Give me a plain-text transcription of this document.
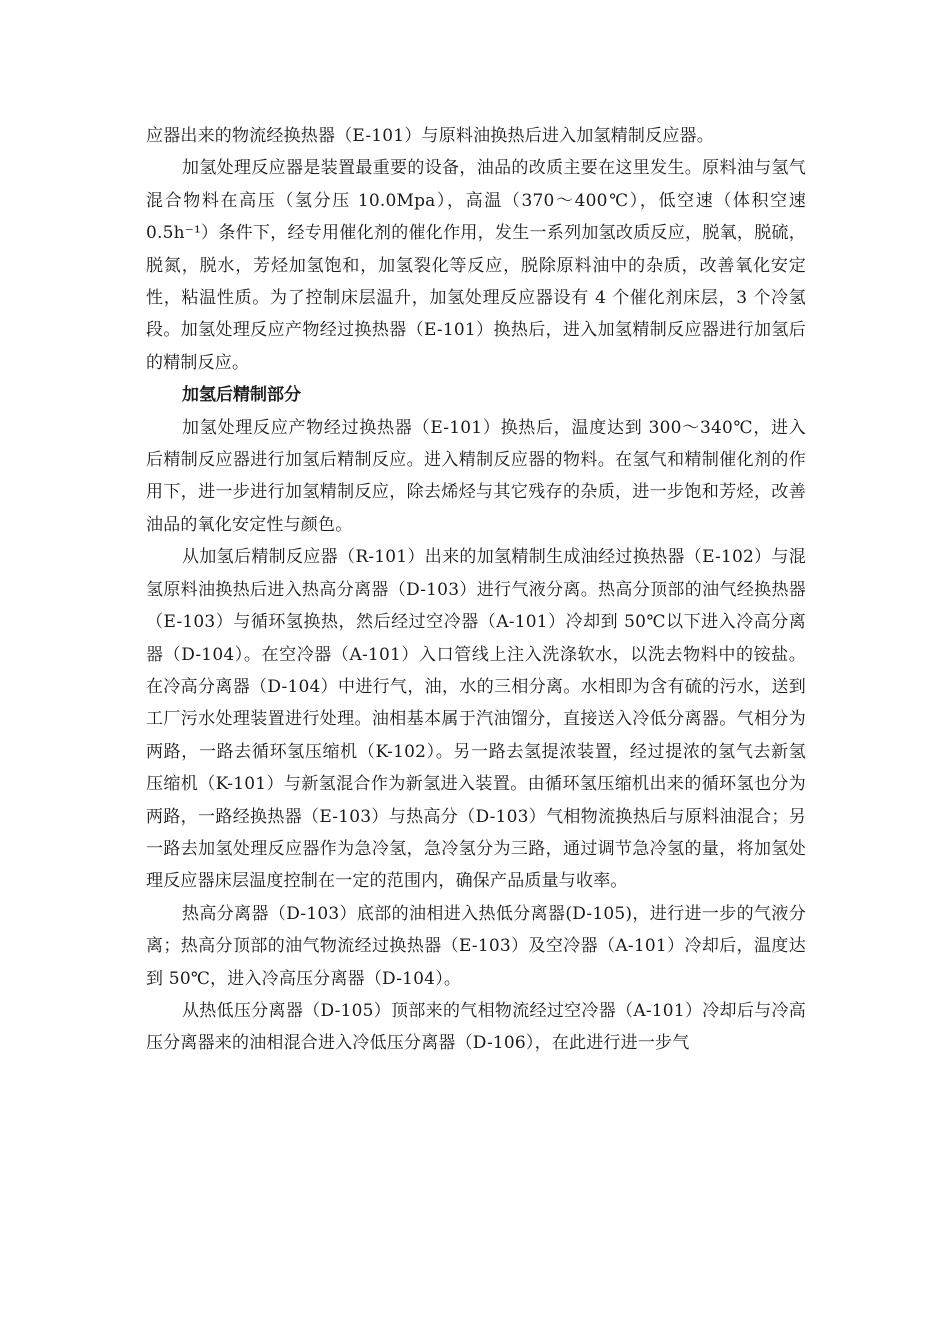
应器出来的物流经换热器（E-101）与原料油换热后进入加氢精制反应器。

加氢处理反应器是装置最重要的设备，油品的改质主要在这里发生。原料油与氢气混合物料在高压（氢分压 10.0Mpa），高温（370～400℃），低空速（体积空速 0.5h⁻¹）条件下，经专用催化剂的催化作用，发生一系列加氢改质反应，脱氧，脱硫，脱氮，脱水，芳烃加氢饱和，加氢裂化等反应，脱除原料油中的杂质，改善氧化安定性，粘温性质。为了控制床层温升，加氢处理反应器设有 4 个催化剂床层，3 个冷氢段。加氢处理反应产物经过换热器（E-101）换热后，进入加氢精制反应器进行加氢后的精制反应。

加氢后精制部分

加氢处理反应产物经过换热器（E-101）换热后，温度达到 300～340℃，进入后精制反应器进行加氢后精制反应。进入精制反应器的物料。在氢气和精制催化剂的作用下，进一步进行加氢精制反应，除去烯烃与其它残存的杂质，进一步饱和芳烃，改善油品的氧化安定性与颜色。

从加氢后精制反应器（R-101）出来的加氢精制生成油经过换热器（E-102）与混氢原料油换热后进入热高分离器（D-103）进行气液分离。热高分顶部的油气经换热器（E-103）与循环氢换热，然后经过空冷器（A-101）冷却到 50℃以下进入冷高分离器（D-104）。在空冷器（A-101）入口管线上注入洗涤软水，以洗去物料中的铵盐。在冷高分离器（D-104）中进行气，油，水的三相分离。水相即为含有硫的污水，送到工厂污水处理装置进行处理。油相基本属于汽油馏分，直接送入冷低分离器。气相分为两路，一路去循环氢压缩机（K-102）。另一路去氢提浓装置，经过提浓的氢气去新氢压缩机（K-101）与新氢混合作为新氢进入装置。由循环氢压缩机出来的循环氢也分为两路，一路经换热器（E-103）与热高分（D-103）气相物流换热后与原料油混合；另一路去加氢处理反应器作为急冷氢，急冷氢分为三路，通过调节急冷氢的量，将加氢处理反应器床层温度控制在一定的范围内，确保产品质量与收率。

热高分离器（D-103）底部的油相进入热低分离器(D-105)，进行进一步的气液分离；热高分顶部的油气物流经过换热器（E-103）及空冷器（A-101）冷却后，温度达到 50℃，进入冷高压分离器（D-104）。

从热低压分离器（D-105）顶部来的气相物流经过空冷器（A-101）冷却后与冷高压分离器来的油相混合进入冷低压分离器（D-106），在此进行进一步气
